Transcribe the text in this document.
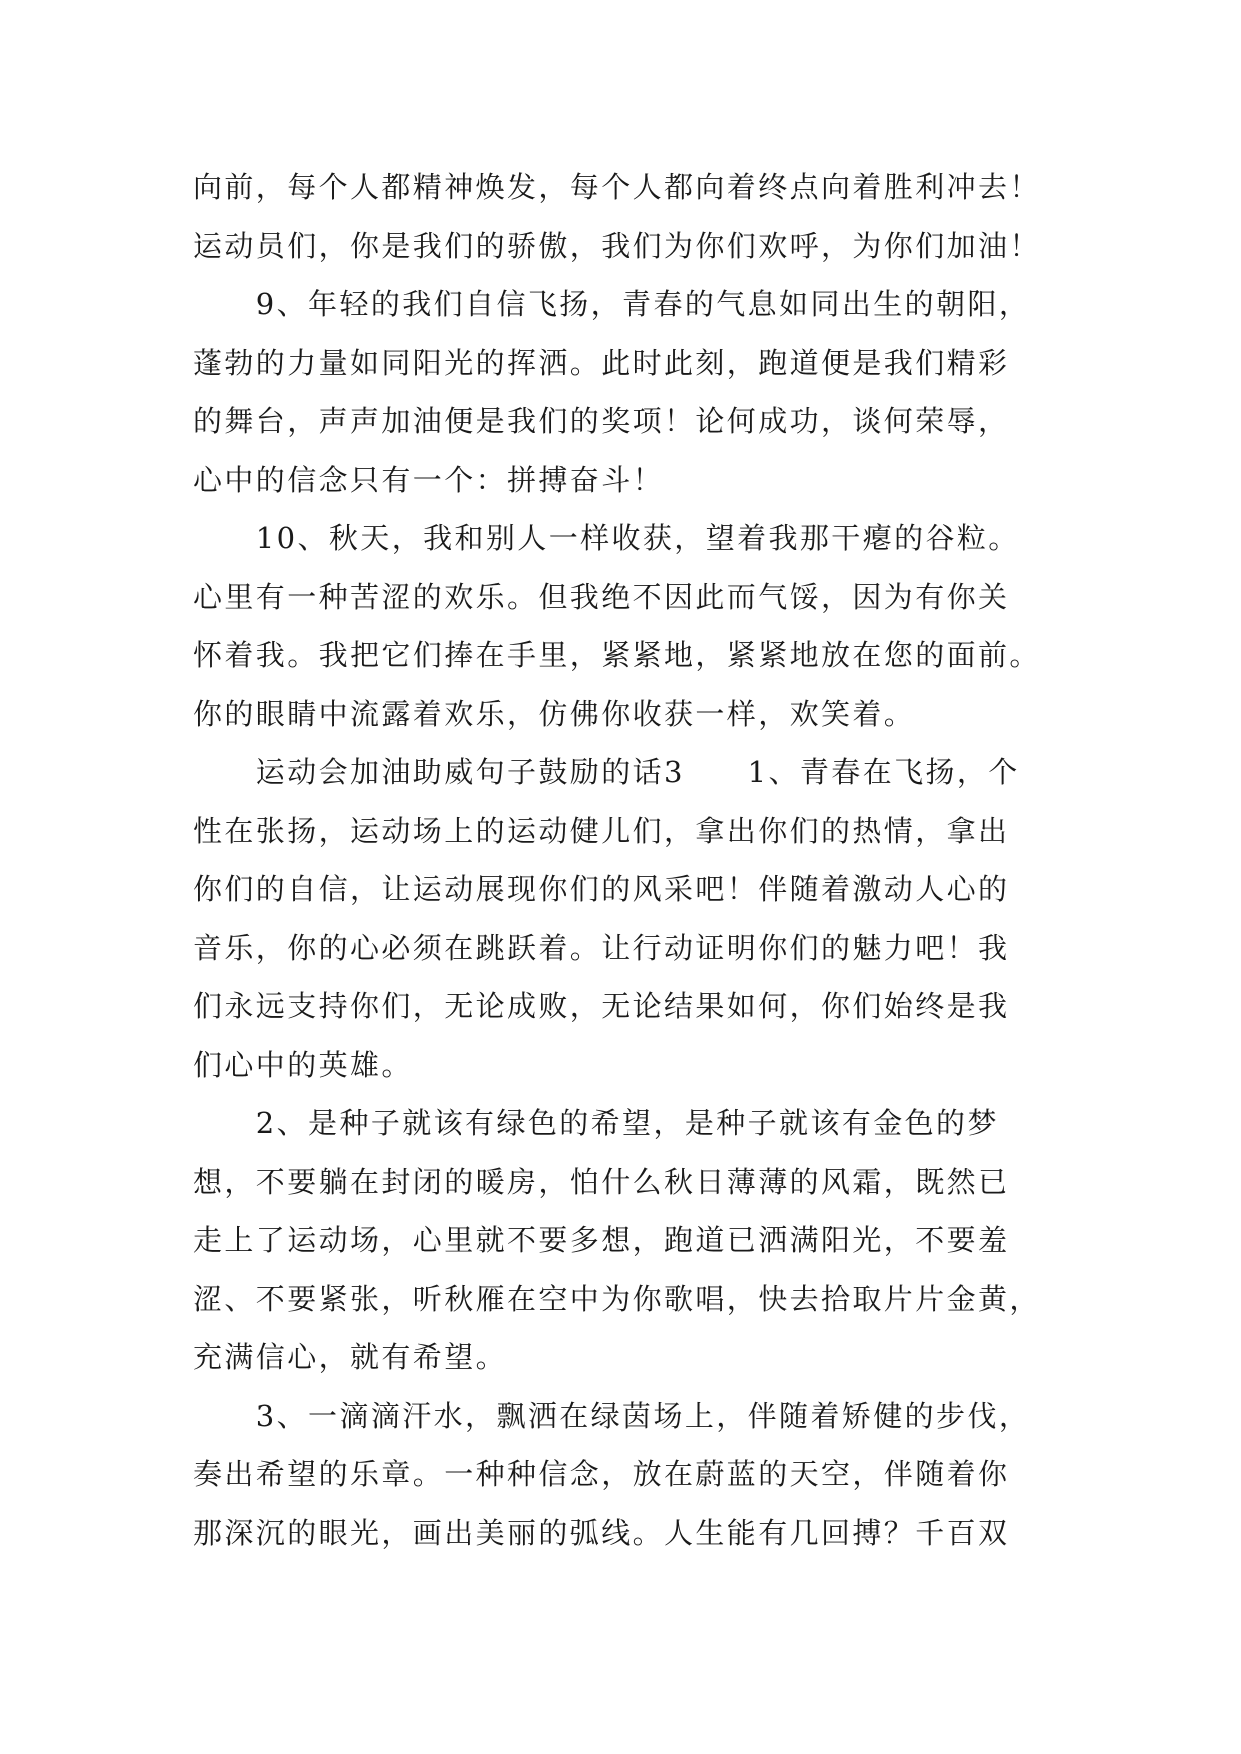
向前，每个人都精神焕发，每个人都向着终点向着胜利冲去！
运动员们，你是我们的骄傲，我们为你们欢呼，为你们加油！
　　9、年轻的我们自信飞扬，青春的气息如同出生的朝阳，
蓬勃的力量如同阳光的挥洒。此时此刻，跑道便是我们精彩
的舞台，声声加油便是我们的奖项！论何成功，谈何荣辱，
心中的信念只有一个：拼搏奋斗！
　　10、秋天，我和别人一样收获，望着我那干瘪的谷粒。
心里有一种苦涩的欢乐。但我绝不因此而气馁，因为有你关
怀着我。我把它们捧在手里，紧紧地，紧紧地放在您的面前。
你的眼睛中流露着欢乐，仿佛你收获一样，欢笑着。
　　运动会加油助威句子鼓励的话3　　1、青春在飞扬，个
性在张扬，运动场上的运动健儿们，拿出你们的热情，拿出
你们的自信，让运动展现你们的风采吧！伴随着激动人心的
音乐，你的心必须在跳跃着。让行动证明你们的魅力吧！我
们永远支持你们，无论成败，无论结果如何，你们始终是我
们心中的英雄。
　　2、是种子就该有绿色的希望，是种子就该有金色的梦
想，不要躺在封闭的暖房，怕什么秋日薄薄的风霜，既然已
走上了运动场，心里就不要多想，跑道已洒满阳光，不要羞
涩、不要紧张，听秋雁在空中为你歌唱，快去拾取片片金黄，
充满信心，就有希望。
　　3、一滴滴汗水，飘洒在绿茵场上，伴随着矫健的步伐，
奏出希望的乐章。一种种信念，放在蔚蓝的天空，伴随着你
那深沉的眼光，画出美丽的弧线。人生能有几回搏？千百双
